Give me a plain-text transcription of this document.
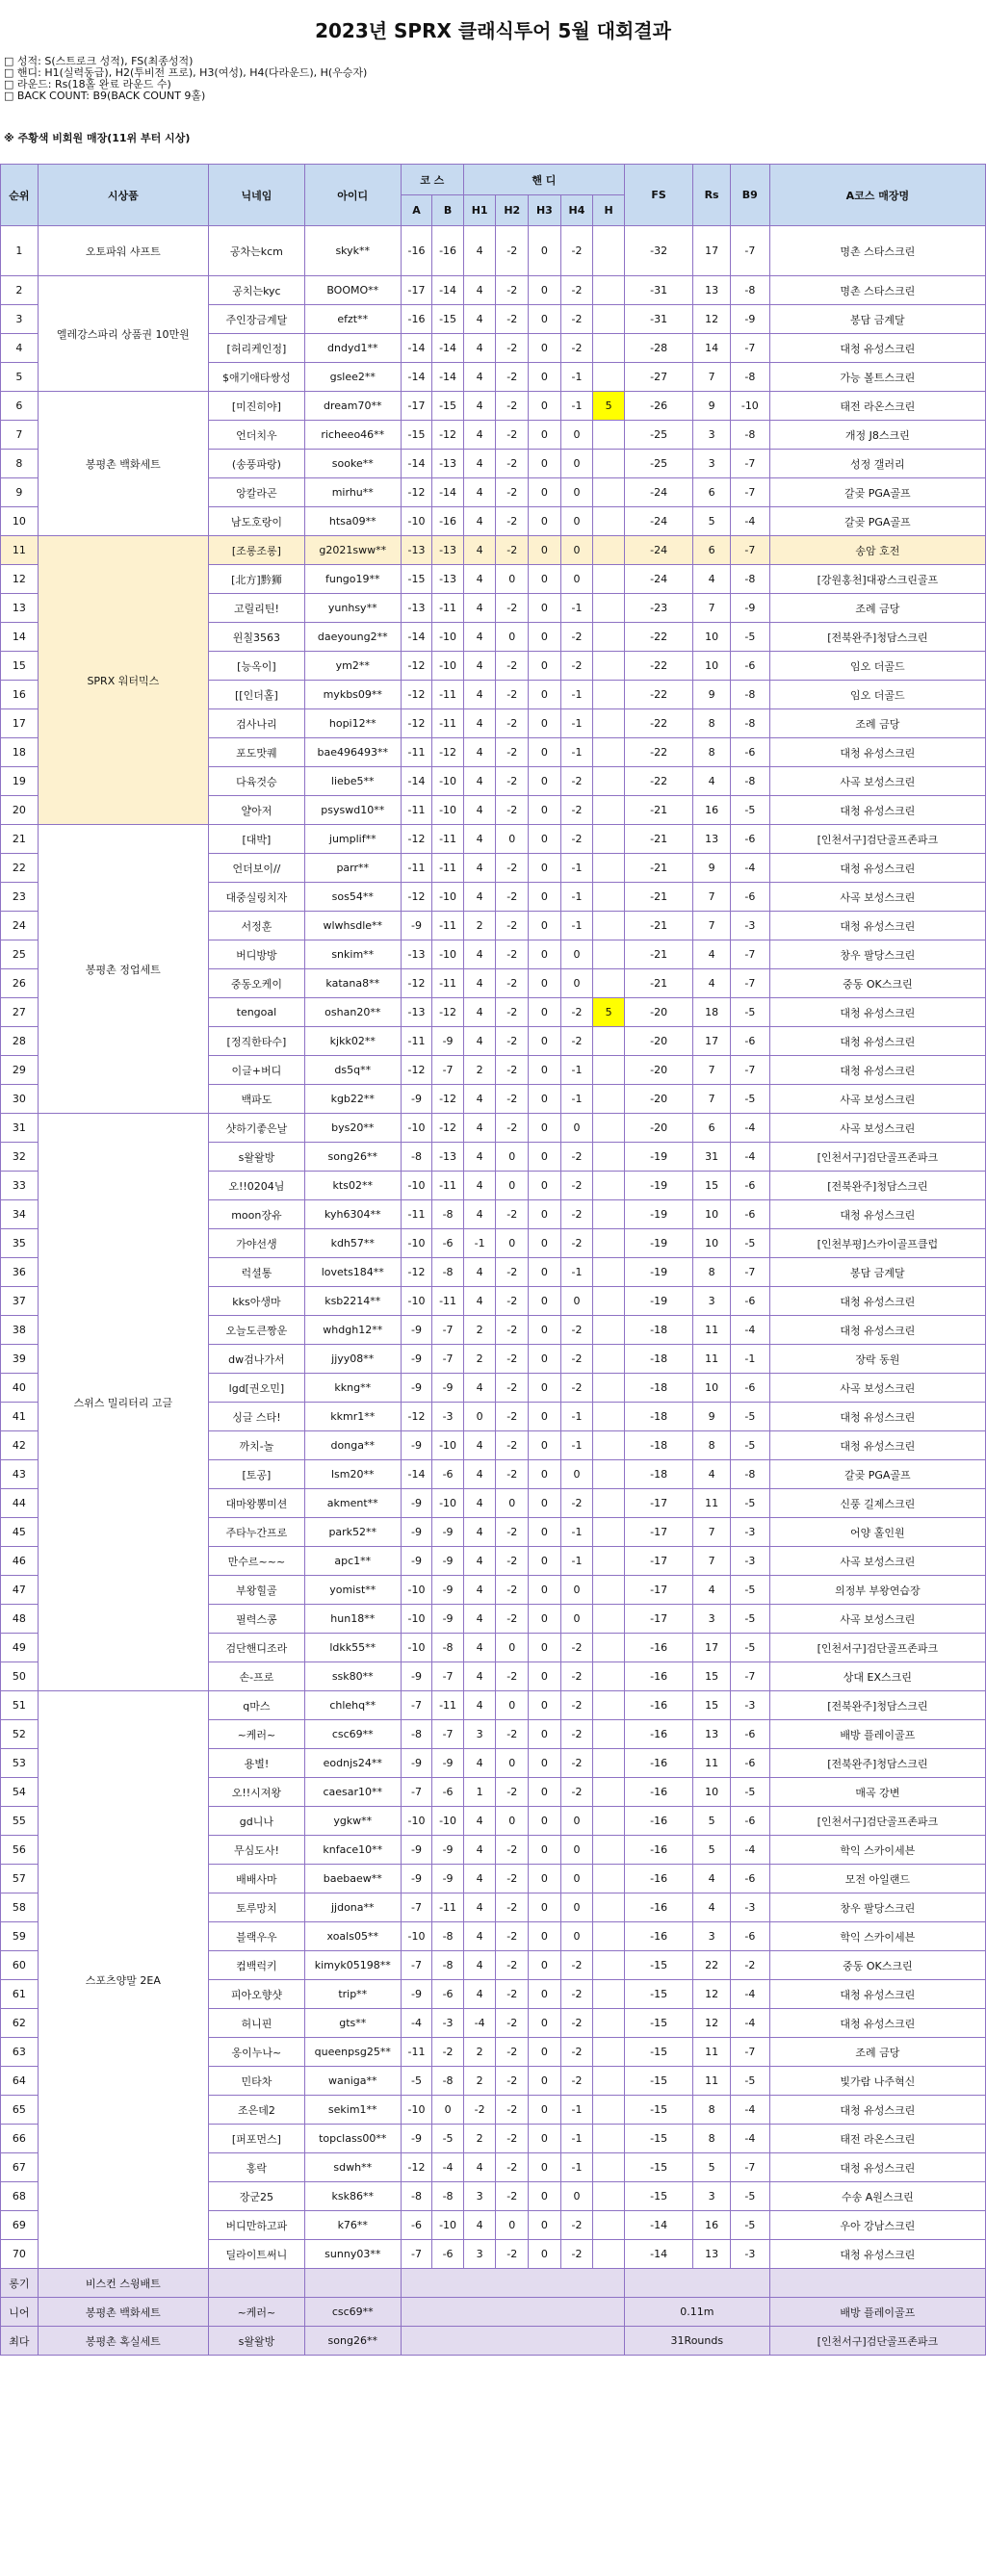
2023년 SPRX 클래식투어 5월 대회결과
□ 성적: S(스트로크 성적), FS(최종성적)
□ 핸디: H1(실력동급), H2(투비전 프로), H3(여성), H4(다라운드), H(우승자)
□ 라운드: Rs(18홀 완료 라운드 수)
□ BACK COUNT: B9(BACK COUNT 9홀)
※ 주황색 비회원 매장(11위 부터 시상)
순위	시상품	닉네임	아이디	코 스		핸 디					FS	Rs	B9	A코스 매장명
				A	B	H1	H2	H3	H4	H				
1	오토파워 샤프트	공차는kcm	skyk**	-16	-16	4	-2	0	-2		-32	17	-7	명촌 스타스크린
2	엘레강스파리 상품권 10만원	공치는kyc	BOOMO**	-17	-14	4	-2	0	-2		-31	13	-8	명촌 스타스크린
3		주인장금계달	efzt**	-16	-15	4	-2	0	-2		-31	12	-9	봉담 금계달
4		[허리케인정]	dndyd1**	-14	-14	4	-2	0	-2		-28	14	-7	대청 유성스크린
5		$애기애타쌍성	gslee2**	-14	-14	4	-2	0	-1		-27	7	-8	가능 볼트스크린
6	봉평촌 백화세트	[미진히야]	dream70**	-17	-15	4	-2	0	-1	5	-26	9	-10	태전 라온스크린
7		언더치우	richeeo46**	-15	-12	4	-2	0	0		-25	3	-8	개정 J8스크린
8		(송풍파랑)	sooke**	-14	-13	4	-2	0	0		-25	3	-7	성정 갤러리
9		앙칼라곤	mirhu**	-12	-14	4	-2	0	0		-24	6	-7	갈곶 PGA골프
10		남도호랑이	htsa09**	-10	-16	4	-2	0	0		-24	5	-4	갈곶 PGA골프
11	SPRX 워터믹스	[조롱조롱]	g2021sww**	-13	-13	4	-2	0	0		-24	6	-7	송암 호전
12		[北方]黔狮	fungo19**	-15	-13	4	0	0	0		-24	4	-8	[강원홍천]대광스크린골프
13		고릴리틴!	yunhsy**	-13	-11	4	-2	0	-1		-23	7	-9	조례 금당
14		윈칠3563	daeyoung2**	-14	-10	4	0	0	-2		-22	10	-5	[전북완주]청담스크린
15		[능옥이]	ym2**	-12	-10	4	-2	0	-2		-22	10	-6	임오 더골드
16		[[인더홀]	mykbs09**	-12	-11	4	-2	0	-1		-22	9	-8	임오 더골드
17		검사나리	hopi12**	-12	-11	4	-2	0	-1		-22	8	-8	조례 금당
18		포도맛퀘	bae496493**	-11	-12	4	-2	0	-1		-22	8	-6	대청 유성스크린
19		다육것승	liebe5**	-14	-10	4	-2	0	-2		-22	4	-8	사곡 보성스크린
20		얄아저	psyswd10**	-11	-10	4	-2	0	-2		-21	16	-5	대청 유성스크린
21	봉평촌 정업세트	[대박]	jumplif**	-12	-11	4	0	0	-2		-21	13	-6	[인천서구]검단골프존파크
22		언더보이//	parr**	-11	-11	4	-2	0	-1		-21	9	-4	대청 유성스크린
23		대중실링치자	sos54**	-12	-10	4	-2	0	-1		-21	7	-6	사곡 보성스크린
24		서정훈	wlwhsdle**	-9	-11	2	-2	0	-1		-21	7	-3	대청 유성스크린
25		버디방방	snkim**	-13	-10	4	-2	0	0		-21	4	-7	창우 팔당스크린
26		중동오케이	katana8**	-12	-11	4	-2	0	0		-21	4	-7	중동 OK스크린
27		tengoal	oshan20**	-13	-12	4	-2	0	-2	5	-20	18	-5	대청 유성스크린
28		[정직한타수]	kjkk02**	-11	-9	4	-2	0	-2		-20	17	-6	대청 유성스크린
29		이글+버디	ds5q**	-12	-7	2	-2	0	-1		-20	7	-7	대청 유성스크린
30		백파도	kgb22**	-9	-12	4	-2	0	-1		-20	7	-5	사곡 보성스크린
31	스위스 밀리터리 고글	샷하기좋은날	bys20**	-10	-12	4	-2	0	0		-20	6	-4	사곡 보성스크린
32		s왈왈방	song26**	-8	-13	4	0	0	-2		-19	31	-4	[인천서구]검단골프존파크
33		오!!0204님	kts02**	-10	-11	4	0	0	-2		-19	15	-6	[전북완주]청담스크린
34		moon장유	kyh6304**	-11	-8	4	-2	0	-2		-19	10	-6	대청 유성스크린
35		가야선생	kdh57**	-10	-6	-1	0	0	-2		-19	10	-5	[인천부평]스카이골프클럽
36		럭셜통	lovets184**	-12	-8	4	-2	0	-1		-19	8	-7	봉담 금계달
37		kks아생마	ksb2214**	-10	-11	4	-2	0	0		-19	3	-6	대청 유성스크린
38		오늘도큰짱운	whdgh12**	-9	-7	2	-2	0	-2		-18	11	-4	대청 유성스크린
39		dw검나가서	jjyy08**	-9	-7	2	-2	0	-2		-18	11	-1	장락 동원
40		lgd[권오민]	kkng**	-9	-9	4	-2	0	-2		-18	10	-6	사곡 보성스크린
41		싱글 스타!	kkmr1**	-12	-3	0	-2	0	-1		-18	9	-5	대청 유성스크린
42		까치-놀	donga**	-9	-10	4	-2	0	-1		-18	8	-5	대청 유성스크린
43		[토공]	lsm20**	-14	-6	4	-2	0	0		-18	4	-8	갈곶 PGA골프
44		대마왕뽕미션	akment**	-9	-10	4	0	0	-2		-17	11	-5	신풍 길제스크린
45		주타누간프로	park52**	-9	-9	4	-2	0	-1		-17	7	-3	어양 홀인원
46		만수르~~~	apc1**	-9	-9	4	-2	0	-1		-17	7	-3	사곡 보성스크린
47		부왕힐골	yomist**	-10	-9	4	-2	0	0		-17	4	-5	의정부 부왕연습장
48		필력스콩	hun18**	-10	-9	4	-2	0	0		-17	3	-5	사곡 보성스크린
49		검단핸디조라	ldkk55**	-10	-8	4	0	0	-2		-16	17	-5	[인천서구]검단골프존파크
50		손-프로	ssk80**	-9	-7	4	-2	0	-2		-16	15	-7	상대 EX스크린
51	스포츠양말 2EA	q마스	chlehq**	-7	-11	4	0	0	-2		-16	15	-3	[전북완주]청담스크린
52		~케러~	csc69**	-8	-7	3	-2	0	-2		-16	13	-6	배방 플레이골프
53		용별!	eodnjs24**	-9	-9	4	0	0	-2		-16	11	-6	[전북완주]청담스크린
54		오!!시져왕	caesar10**	-7	-6	1	-2	0	-2		-16	10	-5	매곡 강변
55		gd니나	ygkw**	-10	-10	4	0	0	0		-16	5	-6	[인천서구]검단골프존파크
56		무심도사!	knface10**	-9	-9	4	-2	0	0		-16	5	-4	학익 스카이세븐
57		배배사마	baebaew**	-9	-9	4	-2	0	0		-16	4	-6	모전 아일랜드
58		토루망치	jjdona**	-7	-11	4	-2	0	0		-16	4	-3	창우 팔당스크린
59		블랙우우	xoals05**	-10	-8	4	-2	0	0		-16	3	-6	학익 스카이세븐
60		컴백럭키	kimyk05198**	-7	-8	4	-2	0	-2		-15	22	-2	중동 OK스크린
61		피아오향샷	trip**	-9	-6	4	-2	0	-2		-15	12	-4	대청 유성스크린
62		허니핀	gts**	-4	-3	-4	-2	0	-2		-15	12	-4	대청 유성스크린
63		옹이누나~	queenpsg25**	-11	-2	2	-2	0	-2		-15	11	-7	조례 금당
64		민타차	waniga**	-5	-8	2	-2	0	-2		-15	11	-5	빛가람 나주혁신
65		조은데2	sekim1**	-10	0	-2	-2	0	-1		-15	8	-4	대청 유성스크린
66		[퍼포먼스]	topclass00**	-9	-5	2	-2	0	-1		-15	8	-4	태전 라온스크린
67		홍락	sdwh**	-12	-4	4	-2	0	-1		-15	5	-7	대청 유성스크린
68		장군25	ksk86**	-8	-8	3	-2	0	0		-15	3	-5	수송 A원스크린
69		버디만하고파	k76**	-6	-10	4	0	0	-2		-14	16	-5	우아 강남스크린
70		딜라이트써니	sunny03**	-7	-6	3	-2	0	-2		-14	13	-3	대청 유성스크린
롱기	비스컨 스윙배트													
니어	봉평촌 백화세트	~케러~	csc69**								0.11m			배방 플레이골프
최다	봉평촌 혹실세트	s왈왈방	song26**								31Rounds			[인천서구]검단골프존파크
